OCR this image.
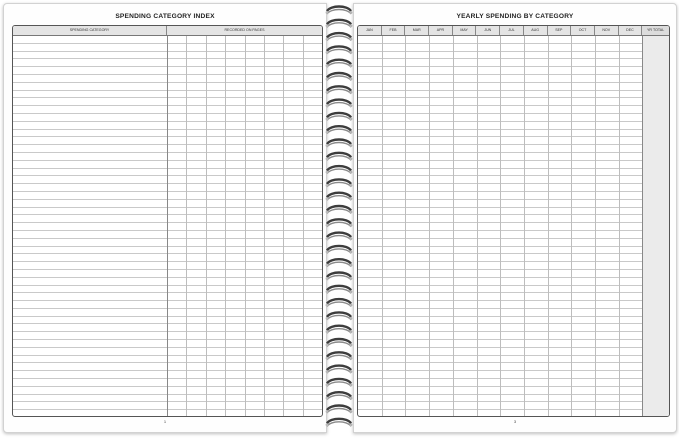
SPENDING CATEGORY INDEX
SPENDING CATEGORY	RECORDED ON PAGES
1
YEARLY SPENDING BY CATEGORY
JAN	FEB	MAR	APR	MAY	JUN	JUL	AUG	SEP	OCT	NOV	DEC	YR TOTAL
3
